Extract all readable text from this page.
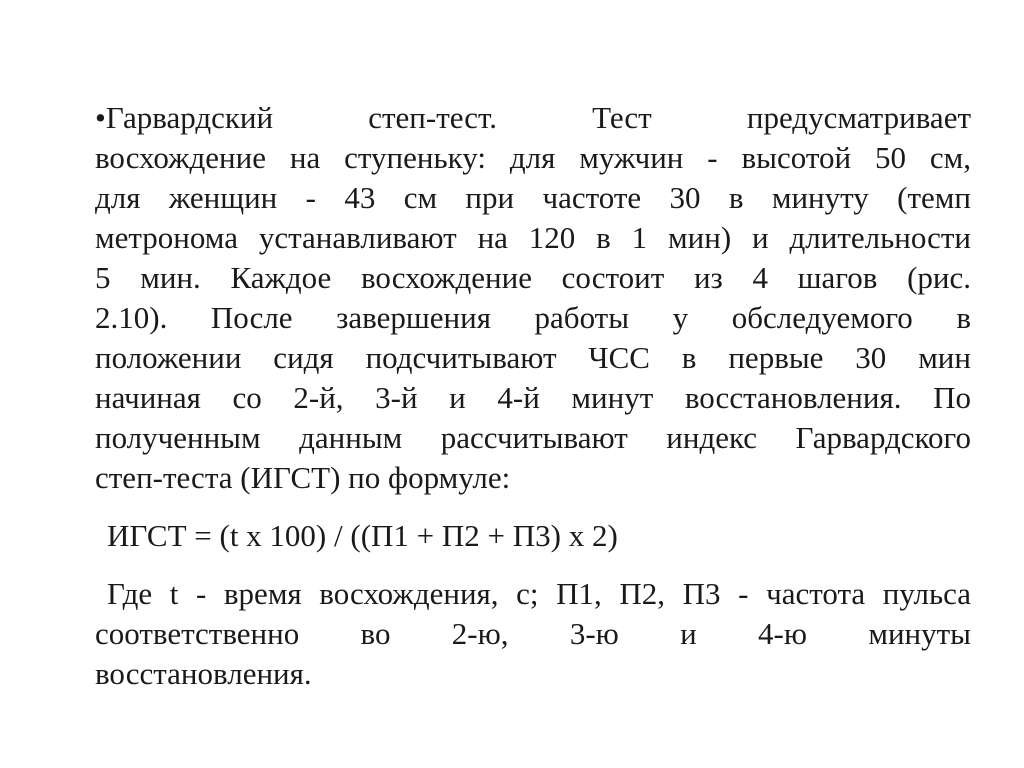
•Гарвардский степ-тест. Тест предусматривает
восхождение на ступеньку: для мужчин - высотой 50 см,
для женщин - 43 см при частоте 30 в минуту (темп
метронома устанавливают на 120 в 1 мин) и длительности
5 мин. Каждое восхождение состоит из 4 шагов (рис.
2.10). После завершения работы у обследуемого в
положении сидя подсчитывают ЧСС в первые 30 мин
начиная со 2-й, 3-й и 4-й минут восстановления. По
полученным данным рассчитывают индекс Гарвардского
степ-теста (ИГСТ) по формуле:
ИГСТ = (t x 100) / ((П1 + П2 + П3) x 2)
Где t - время восхождения, с; П1, П2, П3 - частота пульса
соответственно во 2-ю, 3-ю и 4-ю минуты
восстановления.
